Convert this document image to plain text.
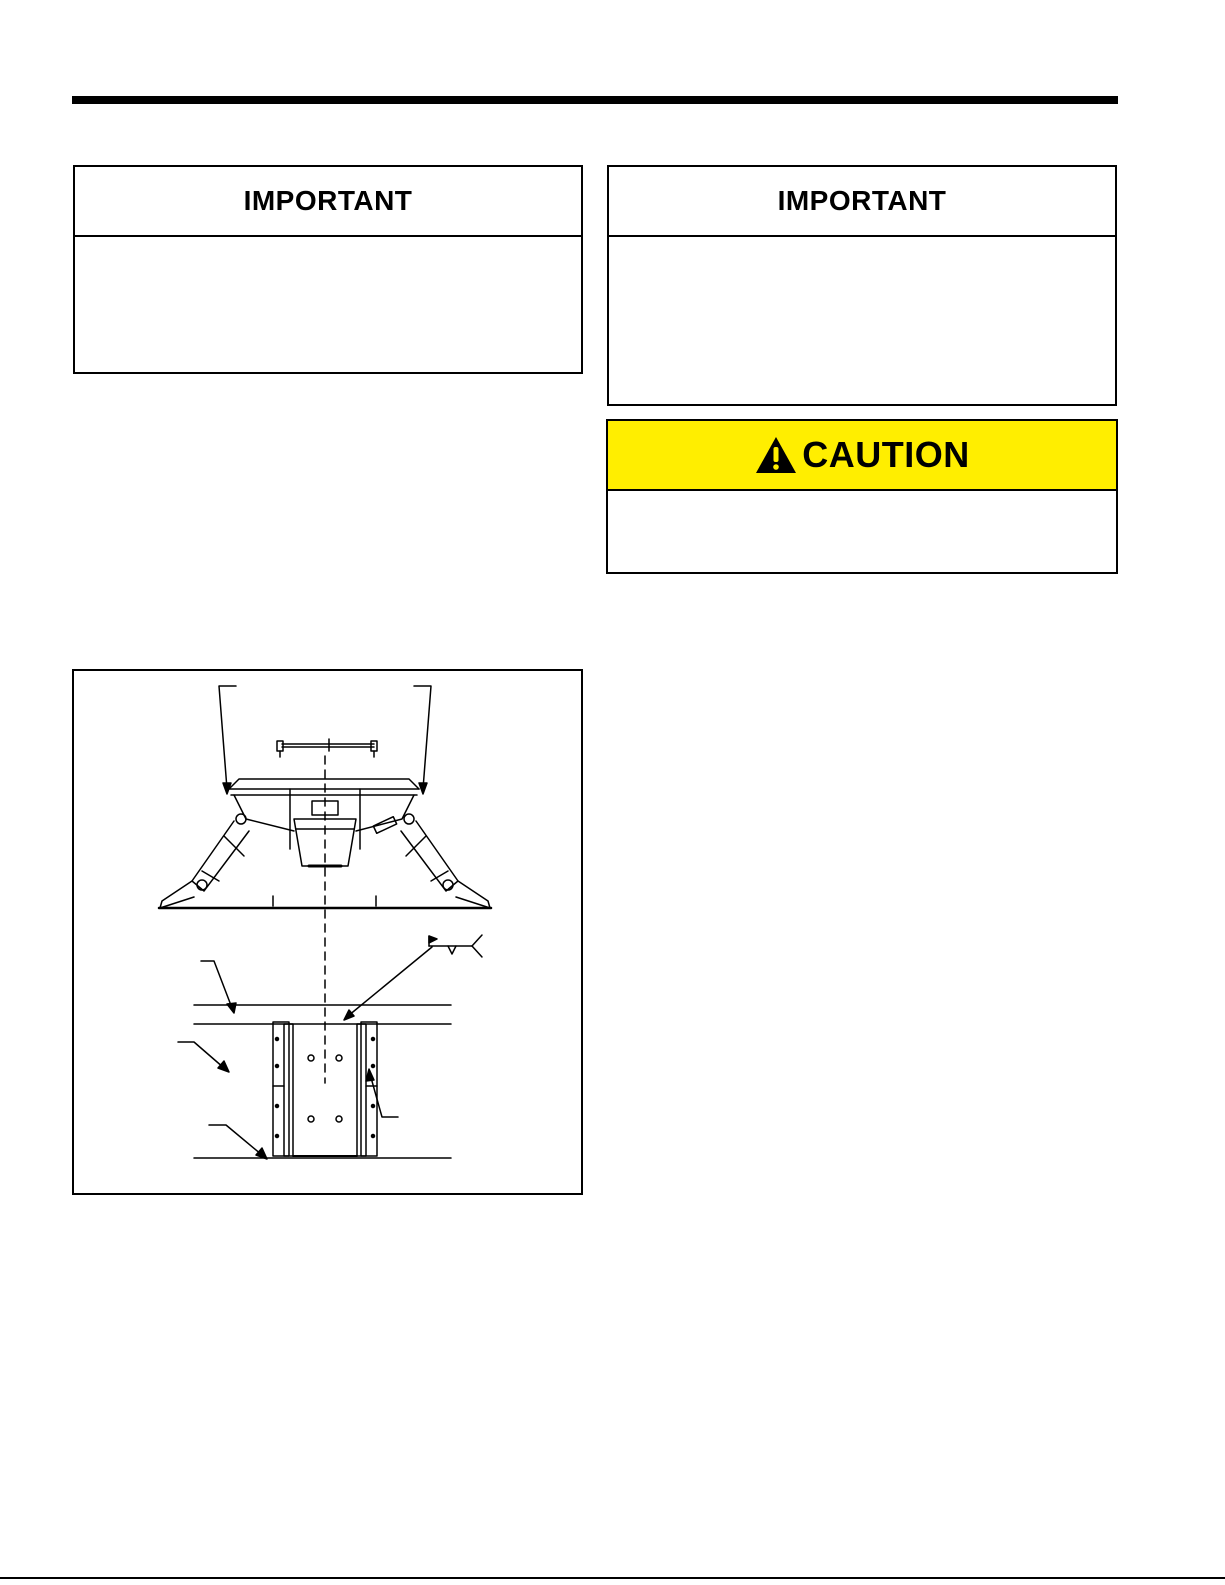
IMPORTANT	IMPORTANT
CAUTION
